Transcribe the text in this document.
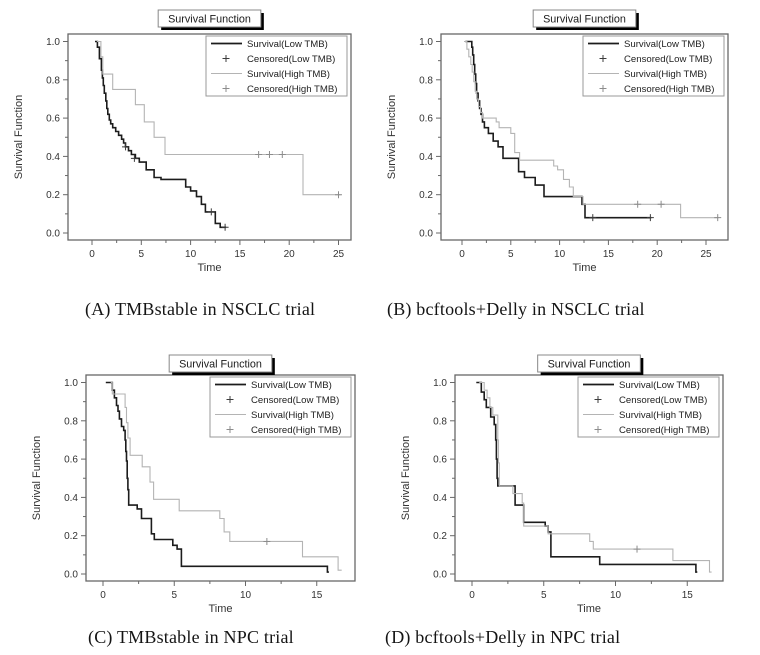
0	5	10	15	20	25
0.0
0.2
0.4
0.6
0.8
1.0
Time
Survival Function
Survival(Low TMB)
Censored(Low TMB)
Survival(High TMB)
Censored(High TMB)
Survival Function
(A) TMBstable in NSCLC trial
0	5	10	15	20	25
0.0
0.2
0.4
0.6
0.8
1.0
Time
Survival Function
Survival(Low TMB)
Censored(Low TMB)
Survival(High TMB)
Censored(High TMB)
Survival Function
(B) bcftools+Delly in NSCLC trial
0	5	10	15
0.0
0.2
0.4
0.6
0.8
1.0
Time
Survival Function
Survival(Low TMB)
Censored(Low TMB)
Survival(High TMB)
Censored(High TMB)
Survival Function
(C) TMBstable in NPC trial
0	5	10	15
0.0
0.2
0.4
0.6
0.8
1.0
Time
Survival Function
Survival(Low TMB)
Censored(Low TMB)
Survival(High TMB)
Censored(High TMB)
Survival Function
(D) bcftools+Delly in NPC trial
